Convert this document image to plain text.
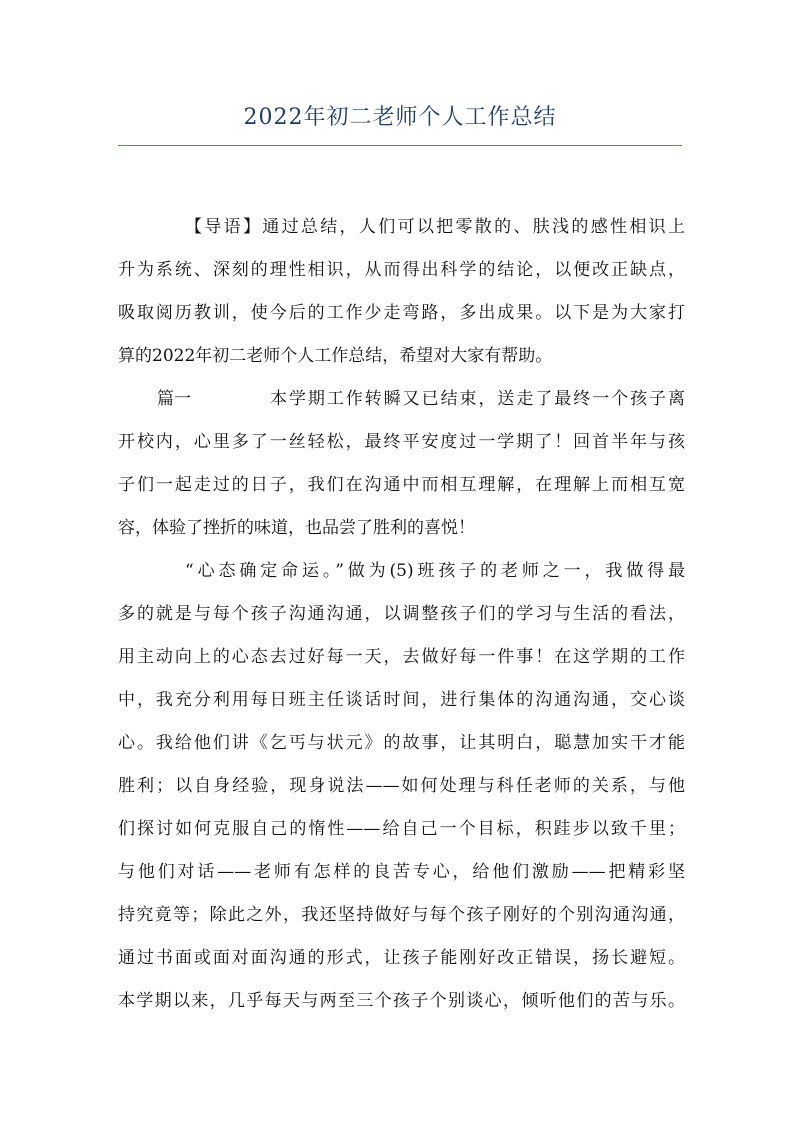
2022年初二老师个人工作总结
【导语】通过总结，人们可以把零散的、肤浅的感性相识上
升为系统、深刻的理性相识，从而得出科学的结论，以便改正缺点，
吸取阅历教训，使今后的工作少走弯路，多出成果。以下是为大家打
算的2022年初二老师个人工作总结，希望对大家有帮助。
篇一	本学期工作转瞬又已结束，送走了最终一个孩子离
开校内，心里多了一丝轻松，最终平安度过一学期了！回首半年与孩
子们一起走过的日子，我们在沟通中而相互理解，在理解上而相互宽
容，体验了挫折的味道，也品尝了胜利的喜悦！
“心态确定命运。”做为(5)班孩子的老师之一，我做得最
多的就是与每个孩子沟通沟通，以调整孩子们的学习与生活的看法，
用主动向上的心态去过好每一天，去做好每一件事！在这学期的工作
中，我充分利用每日班主任谈话时间，进行集体的沟通沟通，交心谈
心。我给他们讲《乞丐与状元》的故事，让其明白，聪慧加实干才能
胜利；以自身经验，现身说法——如何处理与科任老师的关系，与他
们探讨如何克服自己的惰性——给自己一个目标，积跬步以致千里；
与他们对话——老师有怎样的良苦专心，给他们激励——把精彩坚
持究竟等；除此之外，我还坚持做好与每个孩子刚好的个别沟通沟通，
通过书面或面对面沟通的形式，让孩子能刚好改正错误，扬长避短。
本学期以来，几乎每天与两至三个孩子个别谈心，倾听他们的苦与乐。
